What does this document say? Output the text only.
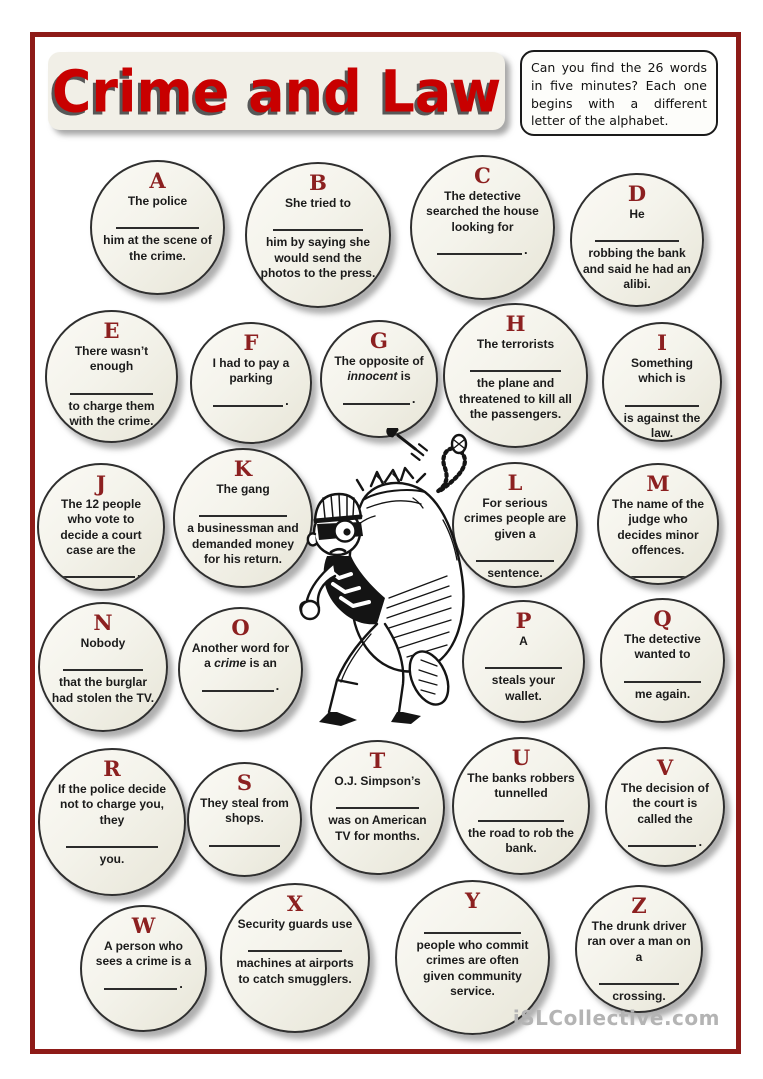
Crime and Law Can you find the 26 words in five minutes? Each one begins with a different letter of the alphabet.

A
The police
him at the scene of the crime.
B
She tried to
him by saying she would send the photos to the press.
C
The detective searched the house looking for
.
D
He
robbing the bank and said he had an alibi.
E
There wasn’t enough
to charge them with the crime.
F
I had to pay a parking
.
G
The opposite of innocent is
.
H
The terrorists
the plane and threatened to kill all the passengers.
I
Something which is
is against the law.
J
The 12 people who vote to decide a court case are the
.
K
The gang
a businessman and demanded money for his return.
L
For serious crimes people are given a
sentence.
M
The name of the judge who decides minor offences.
N
Nobody
that the burglar had stolen the TV.
O
Another word for a crime is an
.
P
A
steals your wallet.
Q
The detective wanted to
me again.
R
If the police decide not to charge you, they
you.
S
They steal from shops.
T
O.J. Simpson’s
was on American TV for months.
U
The banks robbers tunnelled
the road to rob the bank.
V
The decision of the court is called the
.
W
A person who sees a crime is a
.
X
Security guards use
machines at airports to catch smugglers.
Y
people who commit crimes are often given community service.
Z
The drunk driver ran over a man on a
crossing.
iSLCollective.com
